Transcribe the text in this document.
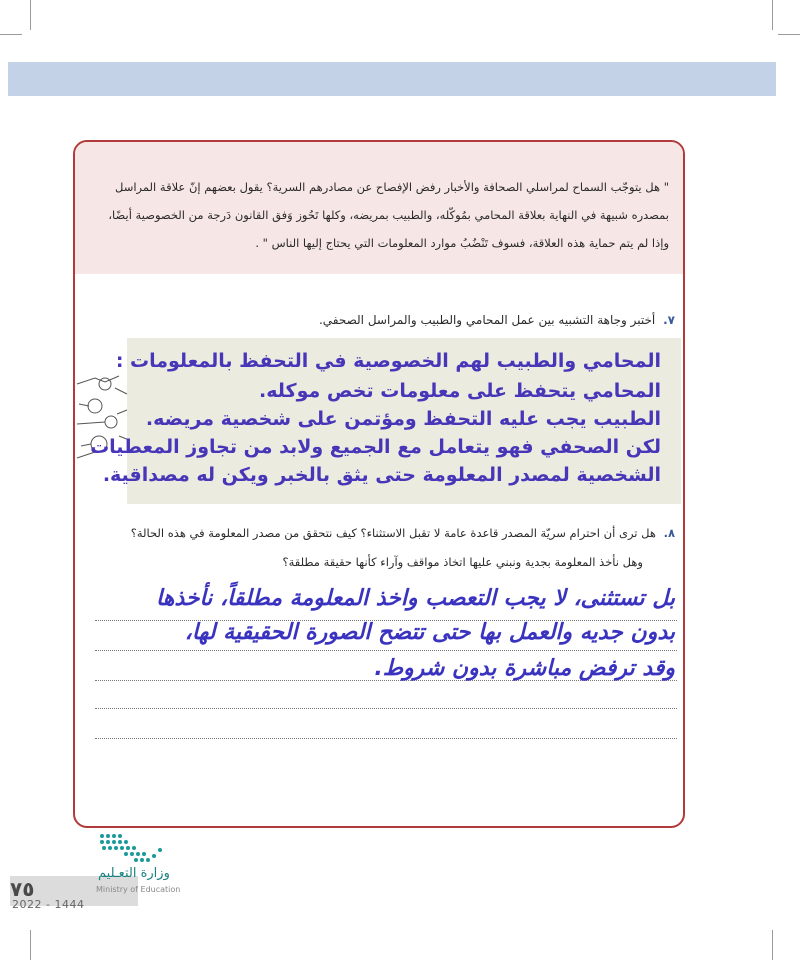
" هل يتوجّب السماح لمراسلي الصحافة والأخبار رفض الإفصاح عن مصادرهم السرية؟ يقول بعضهم إنّ علاقة المراسل
بمصدره شبيهة في النهاية بعلاقة المحامي بمُوكّله، والطبيب بمريضه، وكلها تَحُوز وَفق القانون دَرجة من الخصوصية أيضًا،
وإذا لم يتم حماية هذه العلاقة، فسوف تَنْضُبُ موارد المعلومات التي يحتاج إليها الناس " .
٧. أختبر وجاهة التشبيه بين عمل المحامي والطبيب والمراسل الصحفي.
المحامي والطبيب لهم الخصوصية في التحفظ بالمعلومات :
المحامي يتحفظ على معلومات تخص موكله.
الطبيب يجب عليه التحفظ ومؤتمن على شخصية مريضه.
لكن الصحفي فهو يتعامل مع الجميع ولابد من تجاوز المعطيات
الشخصية لمصدر المعلومة حتى يثق بالخبر ويكن له مصداقية.
٨. هل ترى أن احترام سريّة المصدر قاعدة عامة لا تقبل الاستثناء؟ كيف نتحقق من مصدر المعلومة في هذه الحالة؟
وهل نأخذ المعلومة بجدية ونبني عليها اتخاذ مواقف وآراء كأنها حقيقة مطلقة؟
بل تستثنى، لا يجب التعصب واخذ المعلومة مطلقاً، نأخذها
بدون جديه والعمل بها حتى تتضح الصورة الحقيقية لها،
وقد ترفض مباشرة بدون شروط.
وزارة التعـليم
Ministry of Education
٧٥
2022 - 1444
